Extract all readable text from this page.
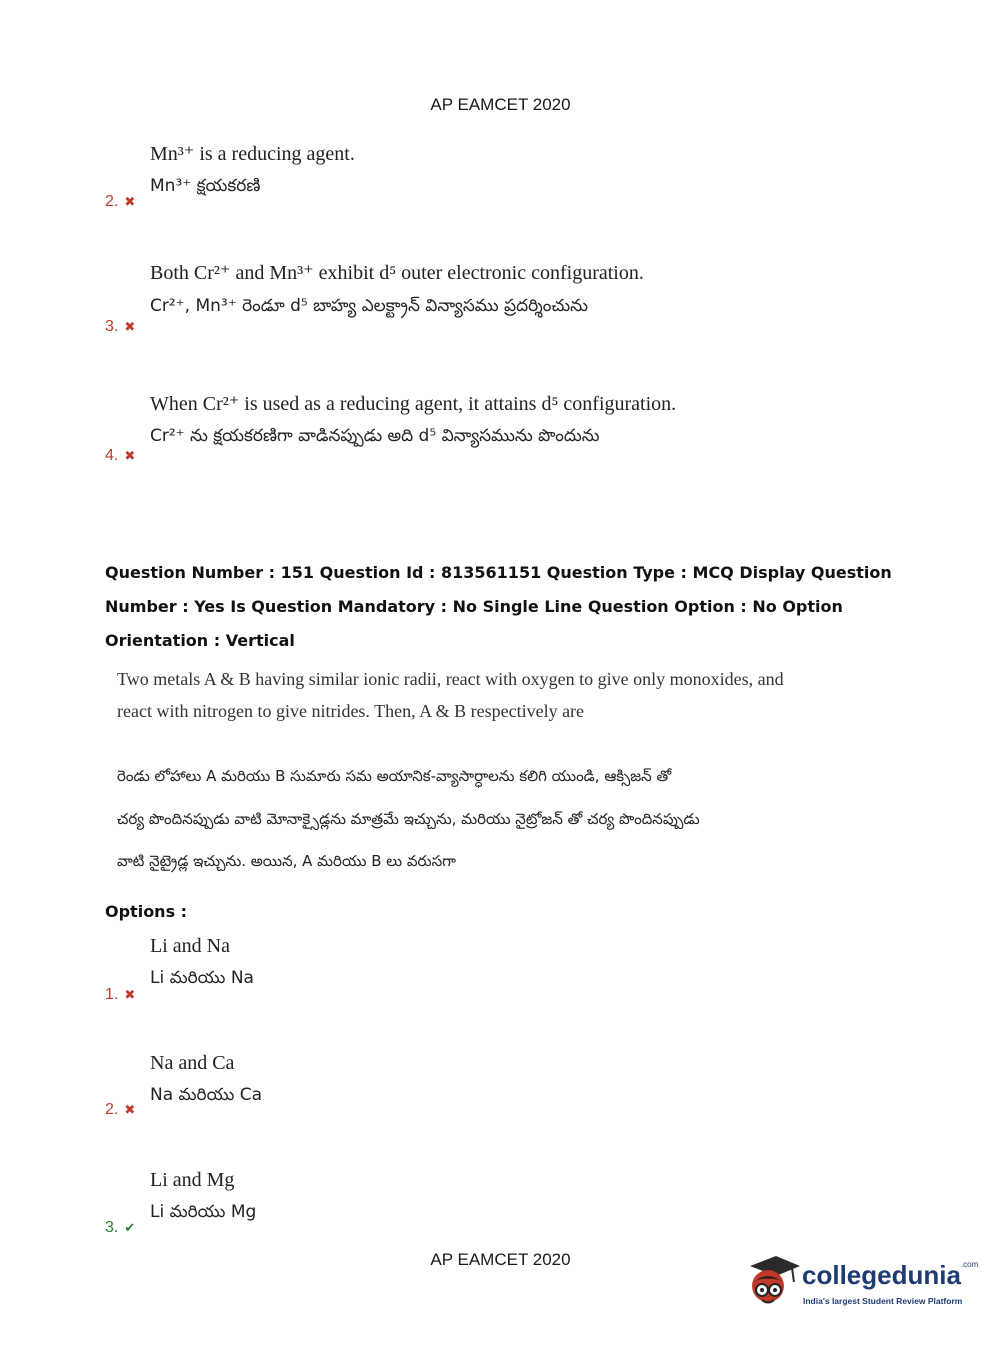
AP EAMCET 2020
Mn³⁺ is a reducing agent.
Mn³⁺ క్షయకరణి
2. ✖
Both Cr²⁺ and Mn³⁺ exhibit d⁵ outer electronic configuration.
Cr²⁺, Mn³⁺ రెండూ d⁵ బాహ్య ఎలక్ట్రాన్ విన్యాసము ప్రదర్శించును
3. ✖
When Cr²⁺ is used as a reducing agent, it attains d⁵ configuration.
Cr²⁺ ను క్షయకరణిగా వాడినప్పుడు అది d⁵ విన్యాసమును పొందును
4. ✖
Question Number : 151 Question Id : 813561151 Question Type : MCQ Display Question
Number : Yes Is Question Mandatory : No Single Line Question Option : No Option
Orientation : Vertical
Two metals A & B having similar ionic radii, react with oxygen to give only monoxides, and
react with nitrogen to give nitrides. Then, A & B respectively are
రెండు లోహాలు A మరియు B సుమారు సమ అయానిక-వ్యాసార్ధాలను కలిగి యుండి, ఆక్సిజన్ తో
చర్య పొందినప్పుడు వాటి మోనాక్సైడ్లను మాత్రమే ఇచ్చును, మరియు నైట్రోజన్ తో చర్య పొందినప్పుడు
వాటి నైట్రైడ్ల ఇచ్చును. అయిన, A మరియు B లు వరుసగా
Options :
Li and Na
Li మరియు Na
1. ✖
Na and Ca
Na మరియు Ca
2. ✖
Li and Mg
Li మరియు Mg
3. ✔
AP EAMCET 2020
collegedunia$^{.com}$
India's largest Student Review Platform
